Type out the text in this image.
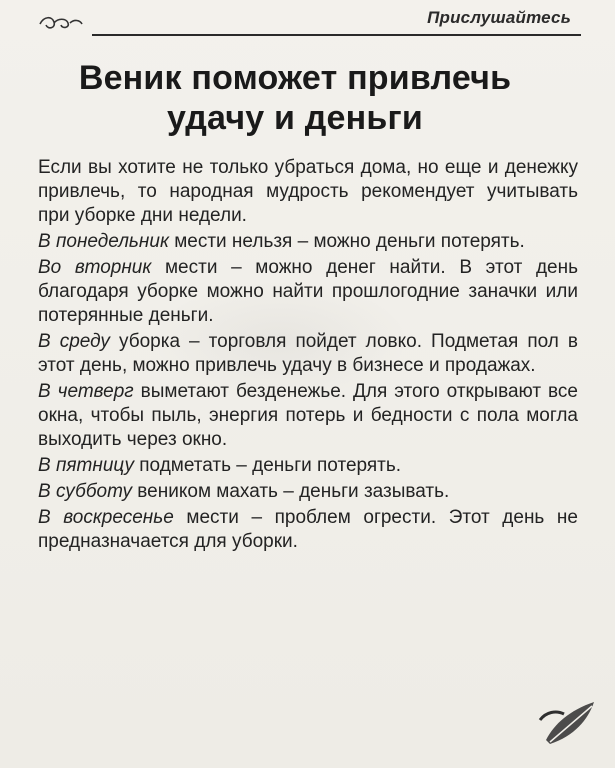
Прислушайтесь
Веник поможет привлечь
удачу и деньги

Если вы хотите не только убраться дома, но еще и денежку привлечь, то народная мудрость рекомендует учитывать при уборке дни недели.

В понедельник мести нельзя – можно деньги потерять.

Во вторник мести – можно денег найти. В этот день благодаря уборке можно найти прошлогодние заначки или потерянные деньги.

В среду уборка – торговля пойдет ловко. Подметая пол в этот день, можно привлечь удачу в бизнесе и продажах.

В четверг выметают безденежье. Для этого открывают все окна, чтобы пыль, энергия потерь и бедности с пола могла выходить через окно.

В пятницу подметать – деньги потерять.

В субботу веником махать – деньги зазывать.

В воскресенье мести – проблем огрести. Этот день не предназначается для уборки.
